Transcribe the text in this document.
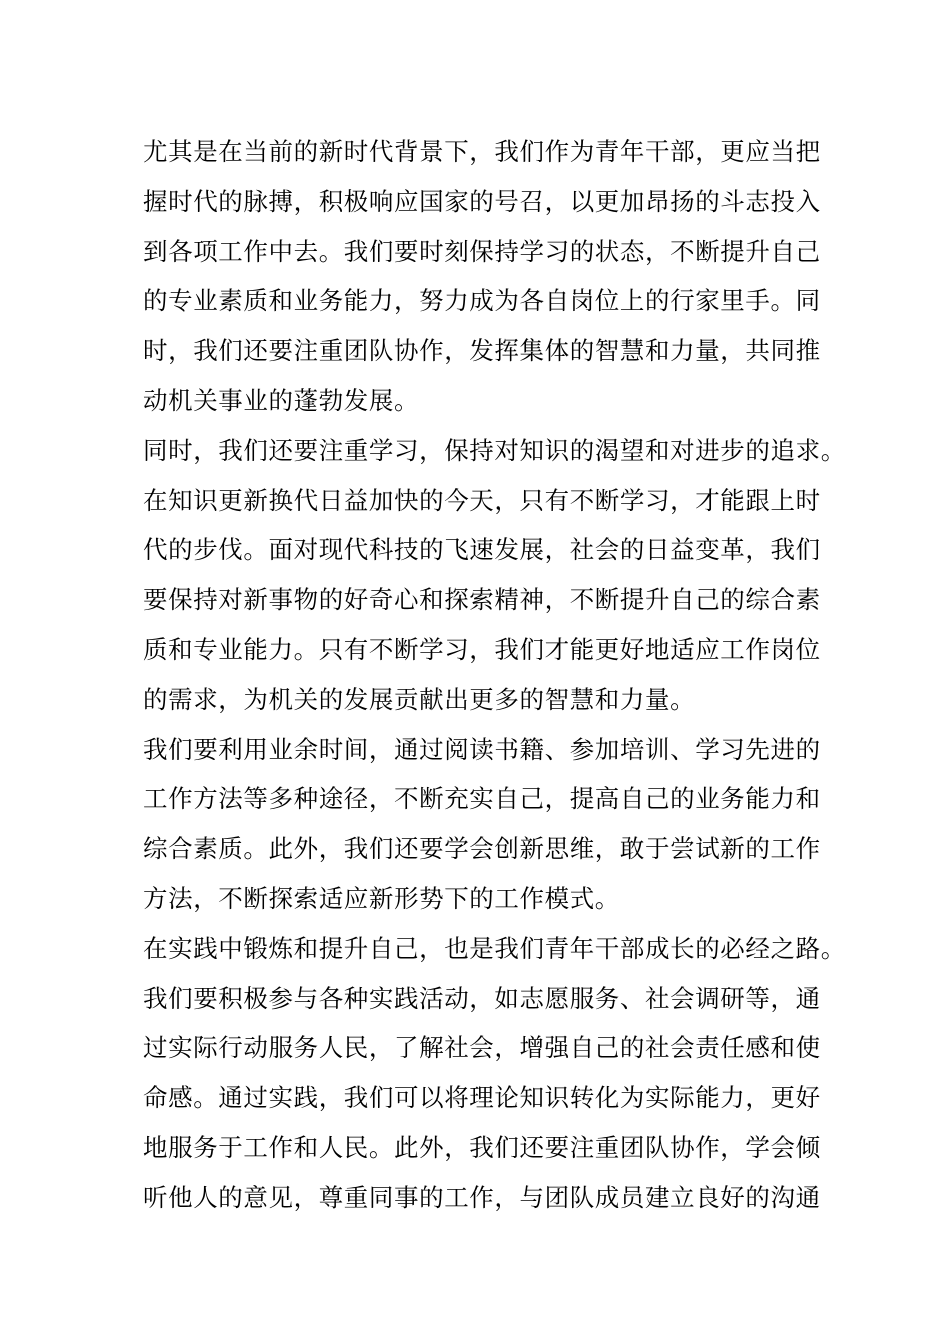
尤其是在当前的新时代背景下，我们作为青年干部，更应当把
握时代的脉搏，积极响应国家的号召，以更加昂扬的斗志投入
到各项工作中去。我们要时刻保持学习的状态，不断提升自己
的专业素质和业务能力，努力成为各自岗位上的行家里手。同
时，我们还要注重团队协作，发挥集体的智慧和力量，共同推
动机关事业的蓬勃发展。
同时，我们还要注重学习，保持对知识的渴望和对进步的追求。
在知识更新换代日益加快的今天，只有不断学习，才能跟上时
代的步伐。面对现代科技的飞速发展，社会的日益变革，我们
要保持对新事物的好奇心和探索精神，不断提升自己的综合素
质和专业能力。只有不断学习，我们才能更好地适应工作岗位
的需求，为机关的发展贡献出更多的智慧和力量。
我们要利用业余时间，通过阅读书籍、参加培训、学习先进的
工作方法等多种途径，不断充实自己，提高自己的业务能力和
综合素质。此外，我们还要学会创新思维，敢于尝试新的工作
方法，不断探索适应新形势下的工作模式。
在实践中锻炼和提升自己，也是我们青年干部成长的必经之路。
我们要积极参与各种实践活动，如志愿服务、社会调研等，通
过实际行动服务人民，了解社会，增强自己的社会责任感和使
命感。通过实践，我们可以将理论知识转化为实际能力，更好
地服务于工作和人民。此外，我们还要注重团队协作，学会倾
听他人的意见，尊重同事的工作，与团队成员建立良好的沟通
